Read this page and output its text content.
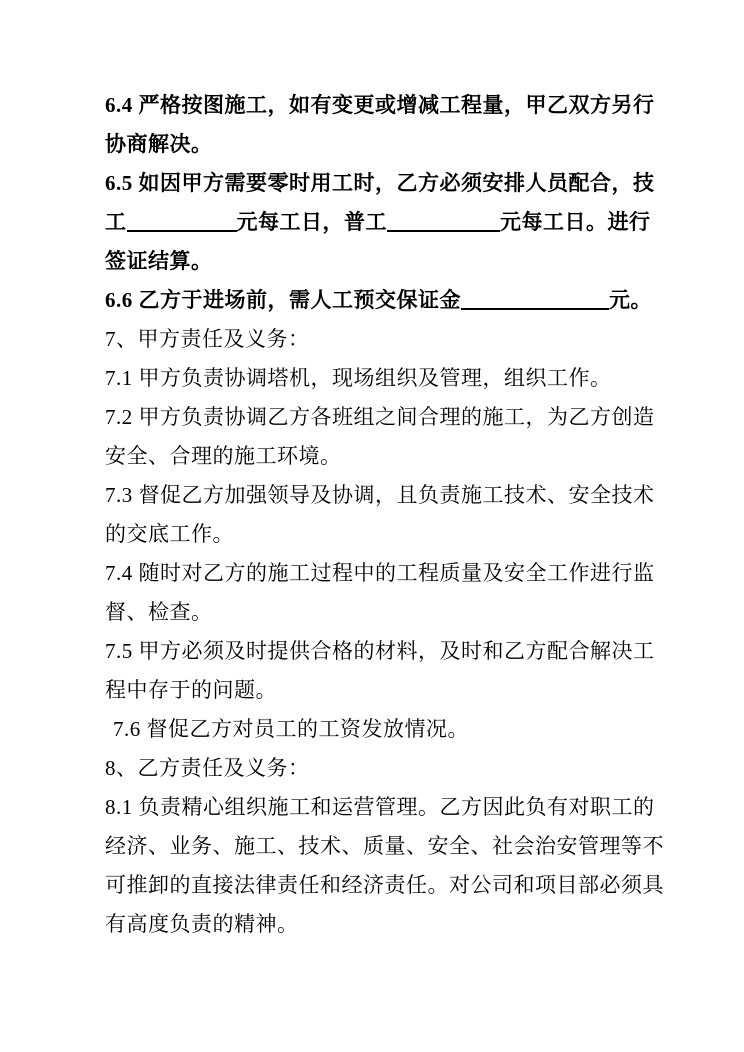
6.4 严格按图施工，如有变更或增减工程量，甲乙双方另行
协商解决。
6.5 如因甲方需要零时用工时，乙方必须安排人员配合，技
工	元每工日，普工	元每工日。进行
签证结算。
6.6 乙方于进场前，需人工预交保证金	元。
7、甲方责任及义务：
7.1 甲方负责协调塔机，现场组织及管理，组织工作。
7.2 甲方负责协调乙方各班组之间合理的施工，为乙方创造
安全、合理的施工环境。
7.3 督促乙方加强领导及协调，且负责施工技术、安全技术
的交底工作。
7.4 随时对乙方的施工过程中的工程质量及安全工作进行监
督、检查。
7.5 甲方必须及时提供合格的材料，及时和乙方配合解决工
程中存于的问题。
7.6 督促乙方对员工的工资发放情况。
8、乙方责任及义务：
8.1 负责精心组织施工和运营管理。乙方因此负有对职工的
经济、业务、施工、技术、质量、安全、社会治安管理等不
可推卸的直接法律责任和经济责任。对公司和项目部必须具
有高度负责的精神。
